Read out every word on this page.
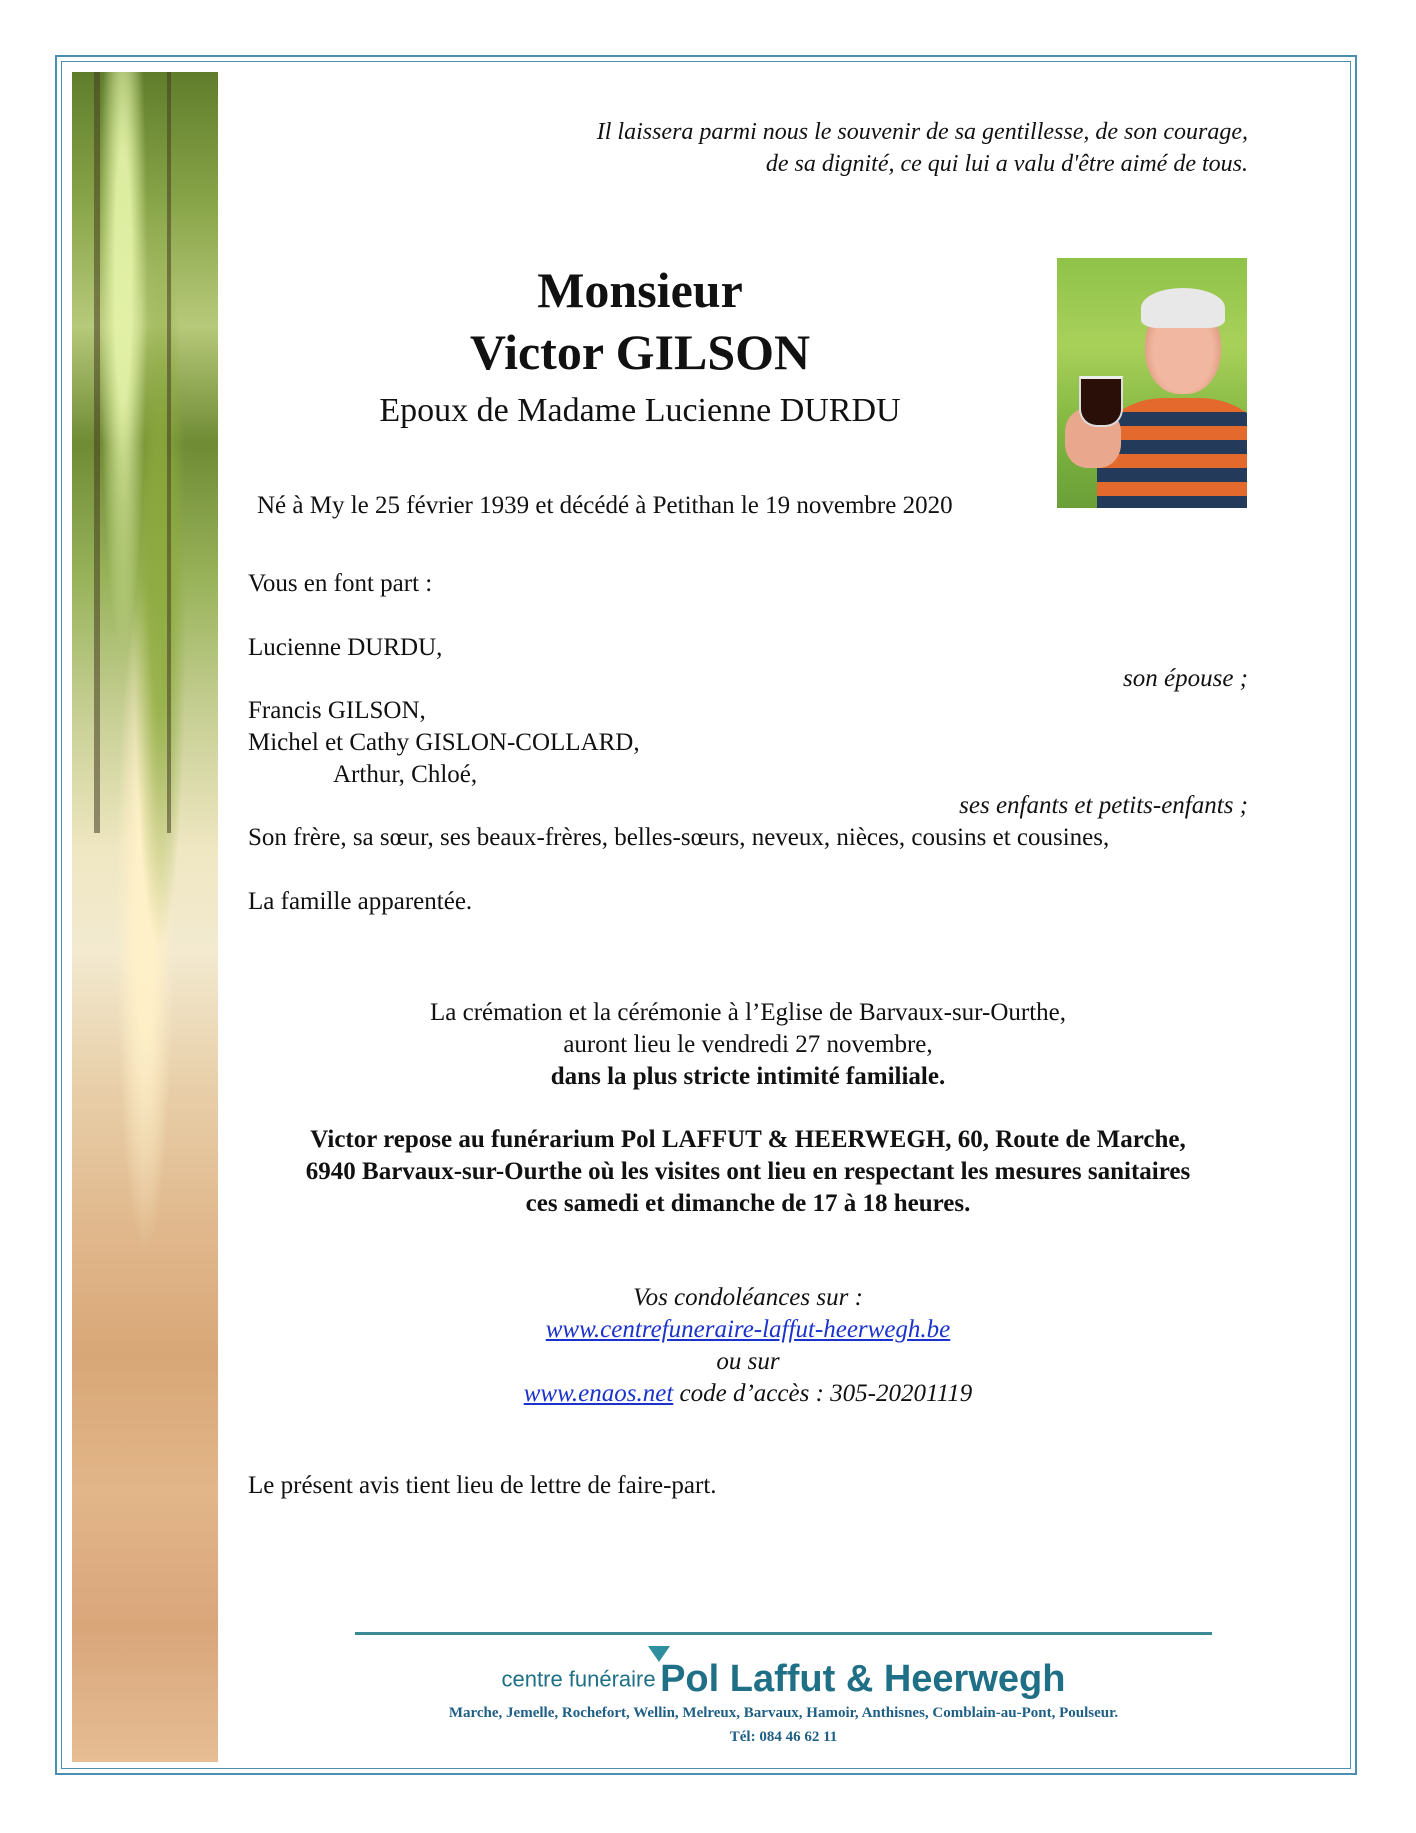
Il laissera parmi nous le souvenir de sa gentillesse, de son courage,
de sa dignité, ce qui lui a valu d'être aimé de tous.
Monsieur
Victor GILSON
Epoux de Madame Lucienne DURDU
Né à My le 25 février 1939 et décédé à Petithan le 19 novembre 2020
Vous en font part :
Lucienne DURDU,
son épouse ;
Francis GILSON,
Michel et Cathy GISLON-COLLARD,
Arthur, Chloé,
ses enfants et petits-enfants ;
Son frère, sa sœur, ses beaux-frères, belles-sœurs, neveux, nièces, cousins et cousines,
La famille apparentée.
La crémation et la cérémonie à l’Eglise de Barvaux-sur-Ourthe,
auront lieu le vendredi 27 novembre,
dans la plus stricte intimité familiale.
Victor repose au funérarium Pol LAFFUT & HEERWEGH, 60, Route de Marche,
6940 Barvaux-sur-Ourthe où les visites ont lieu en respectant les mesures sanitaires
ces samedi et dimanche de 17 à 18 heures.
Vos condoléances sur :
www.centrefuneraire-laffut-heerwegh.be
ou sur
www.enaos.net code d’accès : 305-20201119
Le présent avis tient lieu de lettre de faire-part.
centre funéraire Pol Laffut & Heerwegh
Marche, Jemelle, Rochefort, Wellin, Melreux, Barvaux, Hamoir, Anthisnes, Comblain-au-Pont, Poulseur.
Tél: 084 46 62 11
